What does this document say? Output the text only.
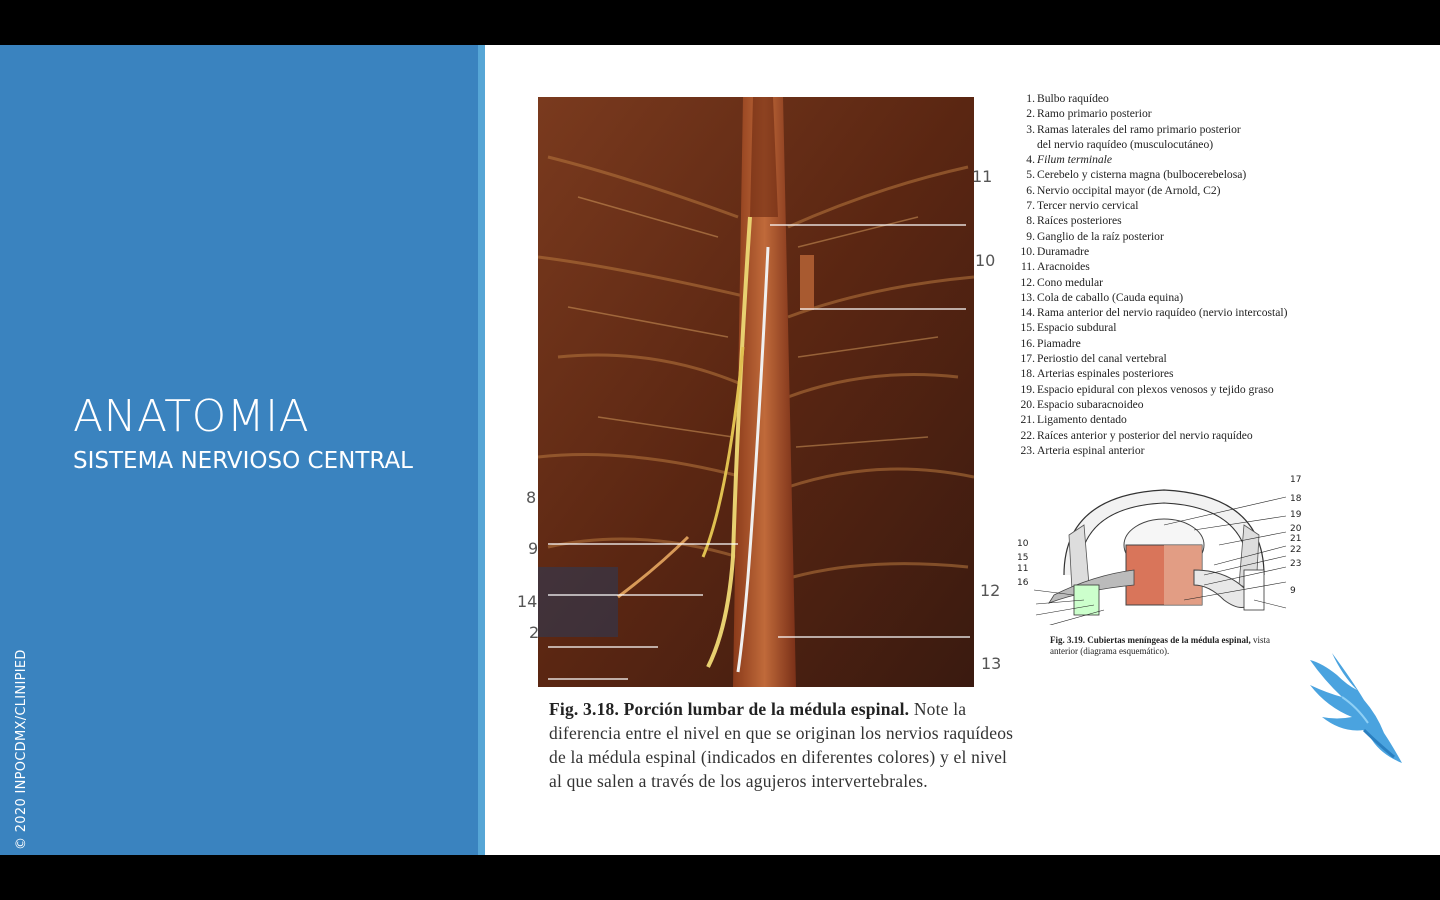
ANATOMIA
SISTEMA NERVIOSO CENTRAL
© 2020 INPOCDMX/CLINIPIED
11
10
8
9
14
2
12
13
Fig. 3.18. Porción lumbar de la médula espinal. Note la diferencia entre el nivel en que se originan los nervios raquídeos de la médula espinal (indicados en diferentes colores) y el nivel al que salen a través de los agujeros intervertebrales.
1. Bulbo raquídeo
2. Ramo primario posterior
3. Ramas laterales del ramo primario posterior
del nervio raquídeo (musculocutáneo)
4. Filum terminale
5. Cerebelo y cisterna magna (bulbocerebelosa)
6. Nervio occipital mayor (de Arnold, C2)
7. Tercer nervio cervical
8. Raíces posteriores
9. Ganglio de la raíz posterior
10. Duramadre
11. Aracnoides
12. Cono medular
13. Cola de caballo (Cauda equina)
14. Rama anterior del nervio raquídeo (nervio intercostal)
15. Espacio subdural
16. Piamadre
17. Periostio del canal vertebral
18. Arterias espinales posteriores
19. Espacio epidural con plexos venosos y tejido graso
20. Espacio subaracnoideo
21. Ligamento dentado
22. Raíces anterior y posterior del nervio raquídeo
23. Arteria espinal anterior
17
18
19
20
21
22
23
9
10
15
11
16
Fig. 3.19. Cubiertas meníngeas de la médula espinal, vista anterior (diagrama esquemático).
